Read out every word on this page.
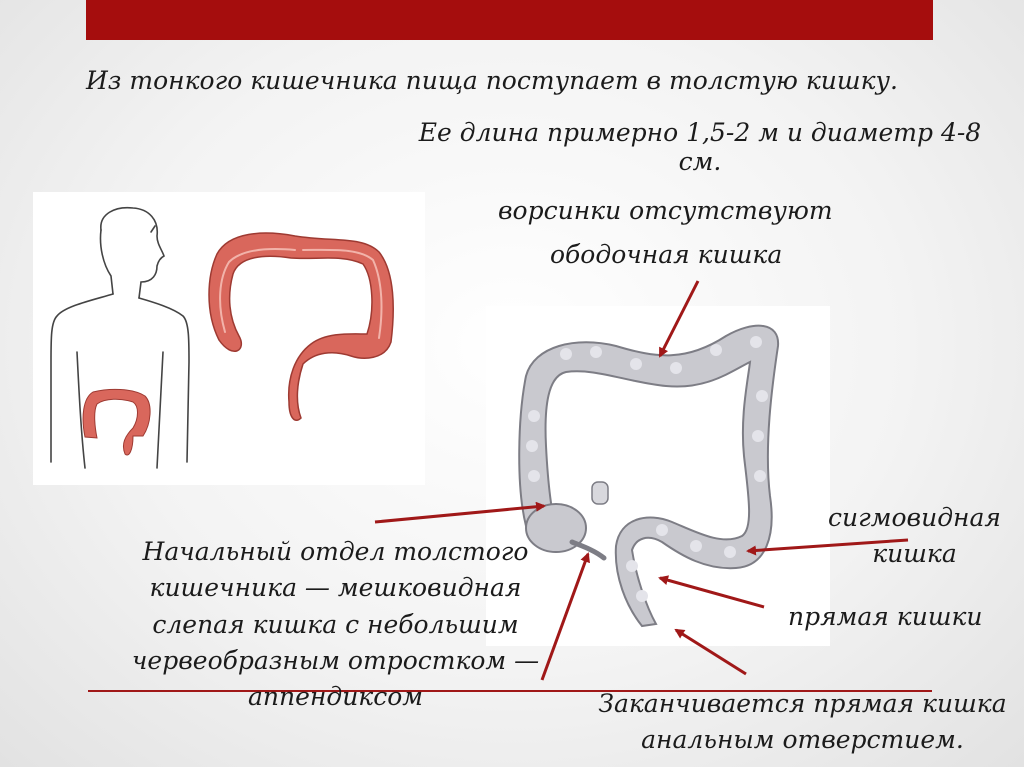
Из тонкого кишечника пища поступает в толстую кишку.

Ее длина примерно 1,5-2 м и диаметр 4-8
см.

ворсинки отсутствуют

ободочная кишка

Начальный отдел толстого
кишечника — мешковидная
слепая кишка с небольшим
червеобразным отростком —
аппендиксом
сигмовидная
кишка

прямая кишки

Заканчивается прямая кишка
анальным отверстием.
